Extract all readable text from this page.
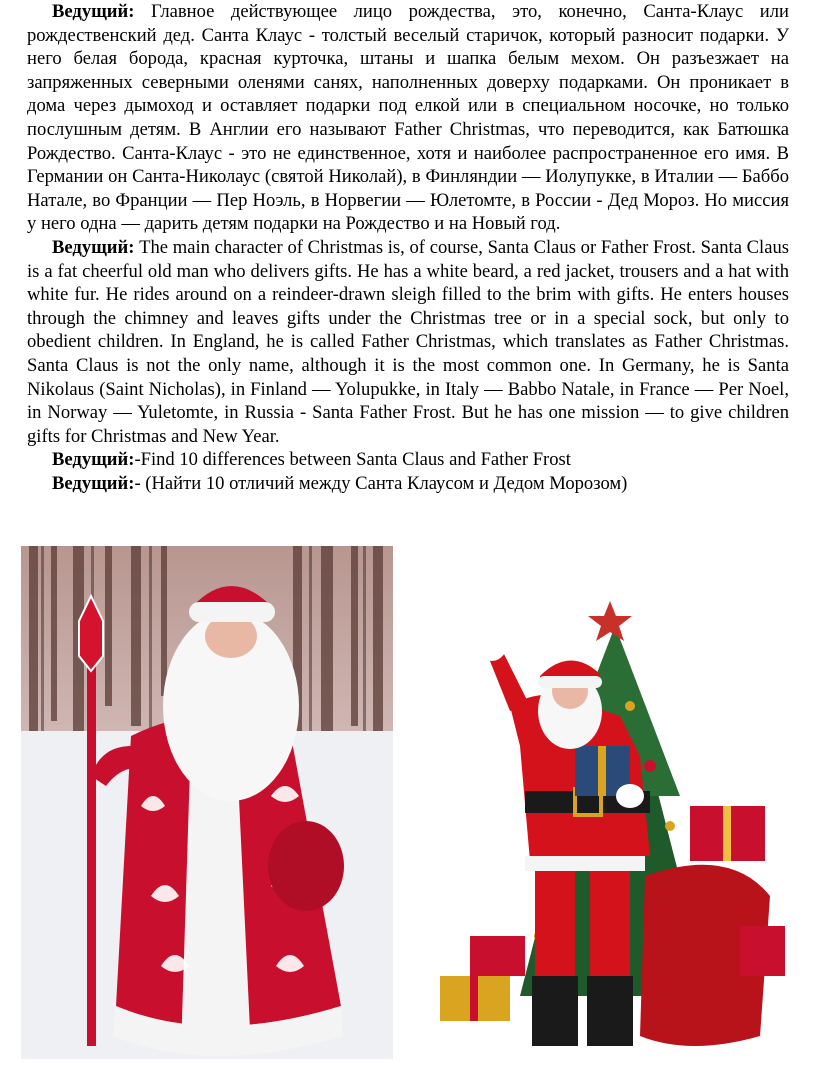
Ведущий: Главное действующее лицо рождества, это, конечно, Санта-Клаус или рождественский дед. Санта Клаус - толстый веселый старичок, который разносит подарки. У него белая борода, красная курточка, штаны и шапка белым мехом. Он разъезжает на запряженных северными оленями санях, наполненных доверху подарками. Он проникает в дома через дымоход и оставляет подарки под елкой или в специальном носочке, но только послушным детям. В Англии его называют Father Christmas, что переводится, как Батюшка Рождество. Санта-Клаус - это не единственное, хотя и наиболее распространенное его имя. В Германии он Санта-Николаус (святой Николай), в Финляндии — Иолупукке, в Италии — Баббо Натале, во Франции — Пер Ноэль, в Норвегии — Юлетомте, в России - Дед Мороз. Но миссия у него одна — дарить детям подарки на Рождество и на Новый год.

Ведущий: The main character of Christmas is, of course, Santa Claus or Father Frost. Santa Claus is a fat cheerful old man who delivers gifts. He has a white beard, a red jacket, trousers and a hat with white fur. He rides around on a reindeer-drawn sleigh filled to the brim with gifts. He enters houses through the chimney and leaves gifts under the Christmas tree or in a special sock, but only to obedient children. In England, he is called Father Christmas, which translates as Father Christmas. Santa Claus is not the only name, although it is the most common one. In Germany, he is Santa Nikolaus (Saint Nicholas), in Finland — Yolupukke, in Italy — Babbo Natale, in France — Per Noel, in Norway — Yuletomte, in Russia - Santa Father Frost. But he has one mission — to give children gifts for Christmas and New Year.

Ведущий:-Find 10 differences between Santa Claus and Father Frost

Ведущий:- (Найти 10 отличий между Санта Клаусом и Дедом Морозом)
